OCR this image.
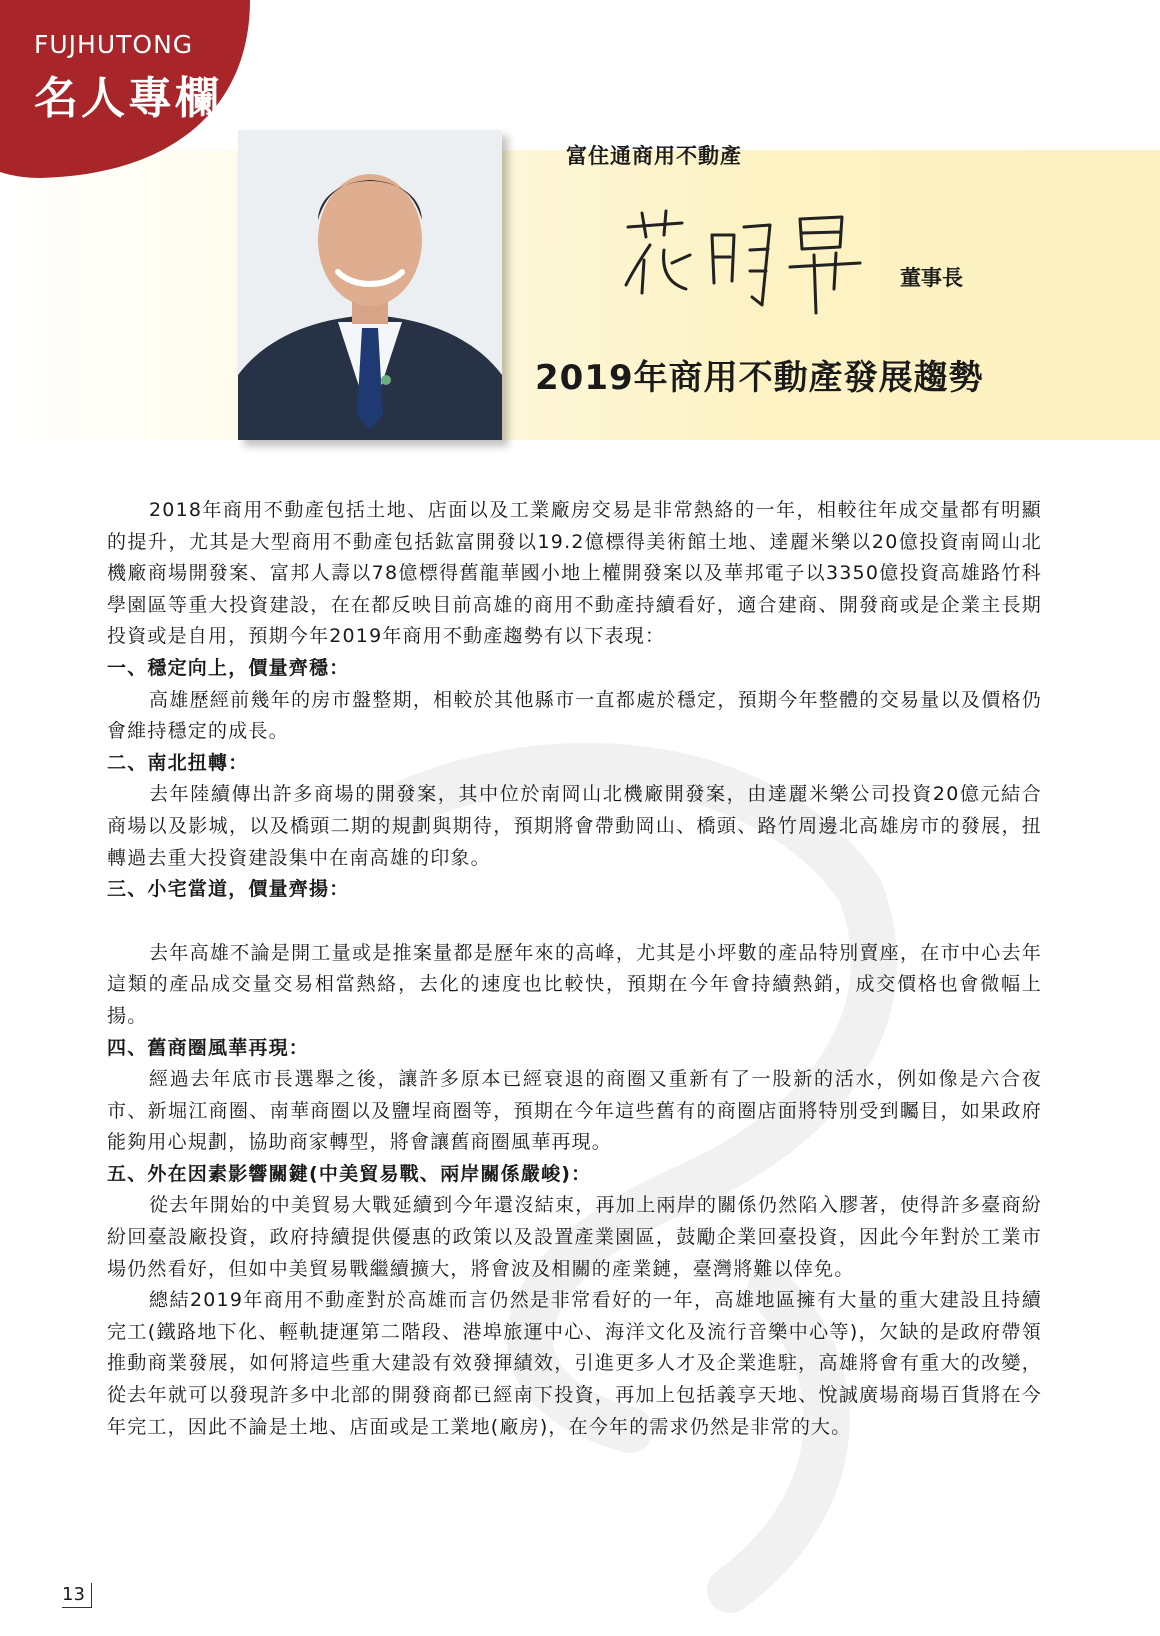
FUJHUTONG
名人專欄
富住通商用不動產
董事長
2019年商用不動產發展趨勢

2018年商用不動產包括土地、店面以及工業廠房交易是非常熱絡的一年，相較往年成交量都有明顯的提升，尤其是大型商用不動產包括鈜富開發以19.2億標得美術館土地、達麗米樂以20億投資南岡山北機廠商場開發案、富邦人壽以78億標得舊龍華國小地上權開發案以及華邦電子以3350億投資高雄路竹科學園區等重大投資建設，在在都反映目前高雄的商用不動產持續看好，適合建商、開發商或是企業主長期投資或是自用，預期今年2019年商用不動產趨勢有以下表現：

一、穩定向上，價量齊穩：

高雄歷經前幾年的房市盤整期，相較於其他縣市一直都處於穩定，預期今年整體的交易量以及價格仍會維持穩定的成長。

二、南北扭轉：

去年陸續傳出許多商場的開發案，其中位於南岡山北機廠開發案，由達麗米樂公司投資20億元結合商場以及影城，以及橋頭二期的規劃與期待，預期將會帶動岡山、橋頭、路竹周邊北高雄房市的發展，扭轉過去重大投資建設集中在南高雄的印象。

三、小宅當道，價量齊揚：

去年高雄不論是開工量或是推案量都是歷年來的高峰，尤其是小坪數的產品特別賣座，在市中心去年這類的產品成交量交易相當熱絡，去化的速度也比較快，預期在今年會持續熱銷，成交價格也會微幅上揚。

四、舊商圈風華再現：

經過去年底市長選舉之後，讓許多原本已經衰退的商圈又重新有了一股新的活水，例如像是六合夜市、新堀江商圈、南華商圈以及鹽埕商圈等，預期在今年這些舊有的商圈店面將特別受到矚目，如果政府能夠用心規劃，協助商家轉型，將會讓舊商圈風華再現。

五、外在因素影響關鍵(中美貿易戰、兩岸關係嚴峻)：

從去年開始的中美貿易大戰延續到今年還沒結束，再加上兩岸的關係仍然陷入膠著，使得許多臺商紛紛回臺設廠投資，政府持續提供優惠的政策以及設置產業園區，鼓勵企業回臺投資，因此今年對於工業市場仍然看好，但如中美貿易戰繼續擴大，將會波及相關的產業鏈，臺灣將難以倖免。

總結2019年商用不動產對於高雄而言仍然是非常看好的一年，高雄地區擁有大量的重大建設且持續完工(鐵路地下化、輕軌捷運第二階段、港埠旅運中心、海洋文化及流行音樂中心等)，欠缺的是政府帶領推動商業發展，如何將這些重大建設有效發揮績效，引進更多人才及企業進駐，高雄將會有重大的改變，從去年就可以發現許多中北部的開發商都已經南下投資，再加上包括義享天地、悅誠廣場商場百貨將在今年完工，因此不論是土地、店面或是工業地(廠房)，在今年的需求仍然是非常的大。

13
